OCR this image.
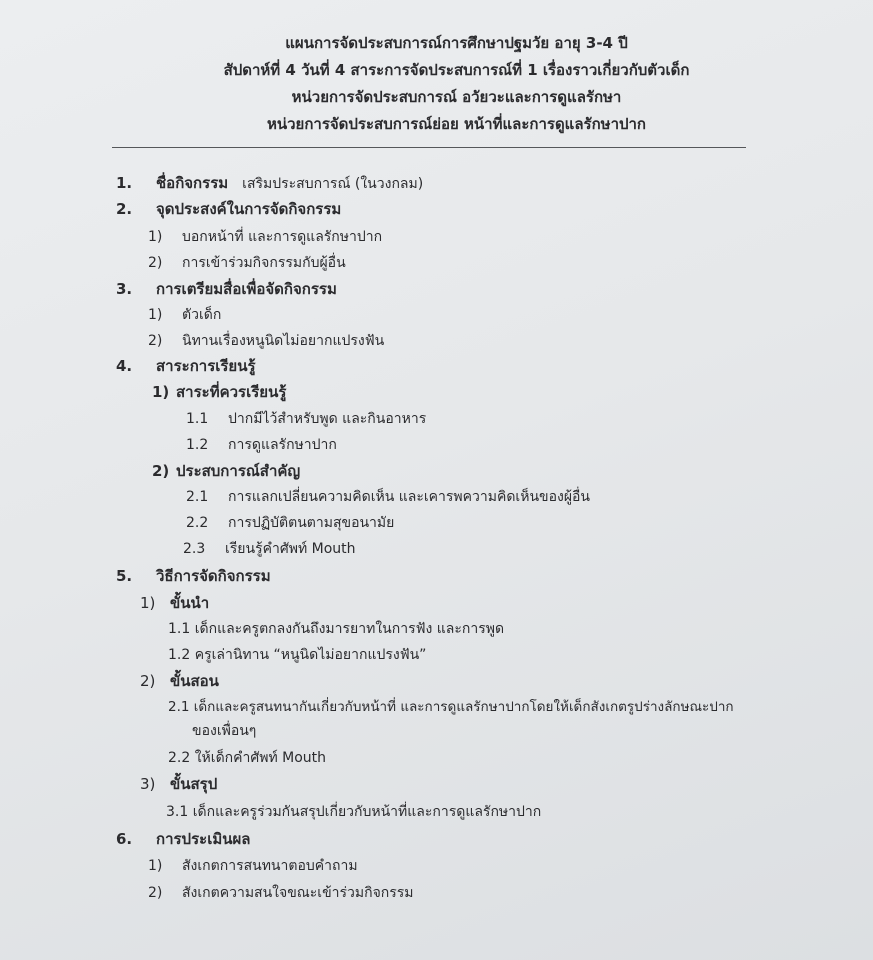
แผนการจัดประสบการณ์การศึกษาปฐมวัย อายุ 3-4 ปี
สัปดาห์ที่ 4 วันที่ 4 สาระการจัดประสบการณ์ที่ 1 เรื่องราวเกี่ยวกับตัวเด็ก
หน่วยการจัดประสบการณ์ อวัยวะและการดูแลรักษา
หน่วยการจัดประสบการณ์ย่อย หน้าที่และการดูแลรักษาปาก
1. ชื่อกิจกรรม เสริมประสบการณ์ (ในวงกลม)
2. จุดประสงค์ในการจัดกิจกรรม
1) บอกหน้าที่ และการดูแลรักษาปาก
2) การเข้าร่วมกิจกรรมกับผู้อื่น
3. การเตรียมสื่อเพื่อจัดกิจกรรม
1) ตัวเด็ก
2) นิทานเรื่องหนูนิดไม่อยากแปรงฟัน
4. สาระการเรียนรู้
1) สาระที่ควรเรียนรู้
1.1 ปากมีไว้สำหรับพูด และกินอาหาร
1.2 การดูแลรักษาปาก
2) ประสบการณ์สำคัญ
2.1 การแลกเปลี่ยนความคิดเห็น และเคารพความคิดเห็นของผู้อื่น
2.2 การปฏิบัติตนตามสุขอนามัย
2.3 เรียนรู้คำศัพท์ Mouth
5. วิธีการจัดกิจกรรม
1) ขั้นนำ
1.1 เด็กและครูตกลงกันถึงมารยาทในการฟัง และการพูด
1.2 ครูเล่านิทาน “หนูนิดไม่อยากแปรงฟัน”
2) ขั้นสอน
2.1 เด็กและครูสนทนากันเกี่ยวกับหน้าที่ และการดูแลรักษาปากโดยให้เด็กสังเกตรูปร่างลักษณะปาก
ของเพื่อนๆ
2.2 ให้เด็กคำศัพท์ Mouth
3) ขั้นสรุป
3.1 เด็กและครูร่วมกันสรุปเกี่ยวกับหน้าที่และการดูแลรักษาปาก
6. การประเมินผล
1) สังเกตการสนทนาตอบคำถาม
2) สังเกตความสนใจขณะเข้าร่วมกิจกรรม
